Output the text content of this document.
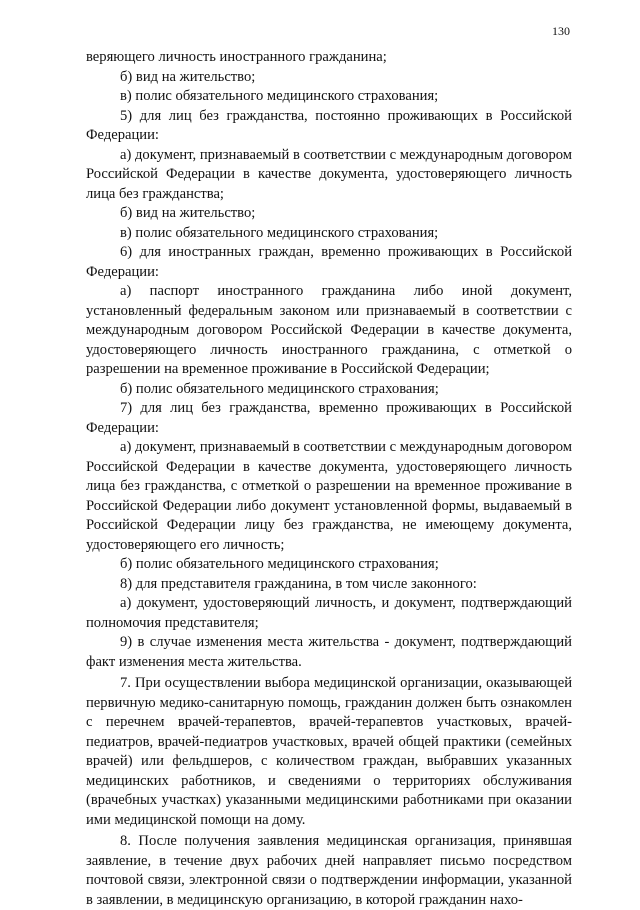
130

веряющего личность иностранного гражданина;

б) вид на жительство;

в) полис обязательного медицинского страхования;

5) для лиц без гражданства, постоянно проживающих в Российской Федерации:

а) документ, признаваемый в соответствии с международным договором Российской Федерации в качестве документа, удостоверяющего личность лица без гражданства;

б) вид на жительство;

в) полис обязательного медицинского страхования;

6) для иностранных граждан, временно проживающих в Российской Федерации:

а) паспорт иностранного гражданина либо иной документ, установленный федеральным законом или признаваемый в соответствии с международным договором Российской Федерации в качестве документа, удостоверяющего личность иностранного гражданина, с отметкой о разрешении на временное проживание в Российской Федерации;

б) полис обязательного медицинского страхования;

7) для лиц без гражданства, временно проживающих в Российской Федерации:

а) документ, признаваемый в соответствии с международным договором Российской Федерации в качестве документа, удостоверяющего личность лица без гражданства, с отметкой о разрешении на временное проживание в Российской Федерации либо документ установленной формы, выдаваемый в Российской Федерации лицу без гражданства, не имеющему документа, удостоверяющего его личность;

б) полис обязательного медицинского страхования;

8) для представителя гражданина, в том числе законного:

а) документ, удостоверяющий личность, и документ, подтверждающий полномочия представителя;

9) в случае изменения места жительства - документ, подтверждающий факт изменения места жительства.

7. При осуществлении выбора медицинской организации, оказывающей первичную медико-санитарную помощь, гражданин должен быть ознакомлен с перечнем врачей-терапевтов, врачей-терапевтов участковых, врачей-педиатров, врачей-педиатров участковых, врачей общей практики (семейных врачей) или фельдшеров, с количеством граждан, выбравших указанных медицинских работников, и сведениями о территориях обслуживания (врачебных участках) указанными медицинскими работниками при оказании ими медицинской помощи на дому.

8. После получения заявления медицинская организация, принявшая заявление, в течение двух рабочих дней направляет письмо посредством почтовой связи, электронной связи о подтверждении информации, указанной в заявлении, в медицинскую организацию, в которой гражданин нахо-
